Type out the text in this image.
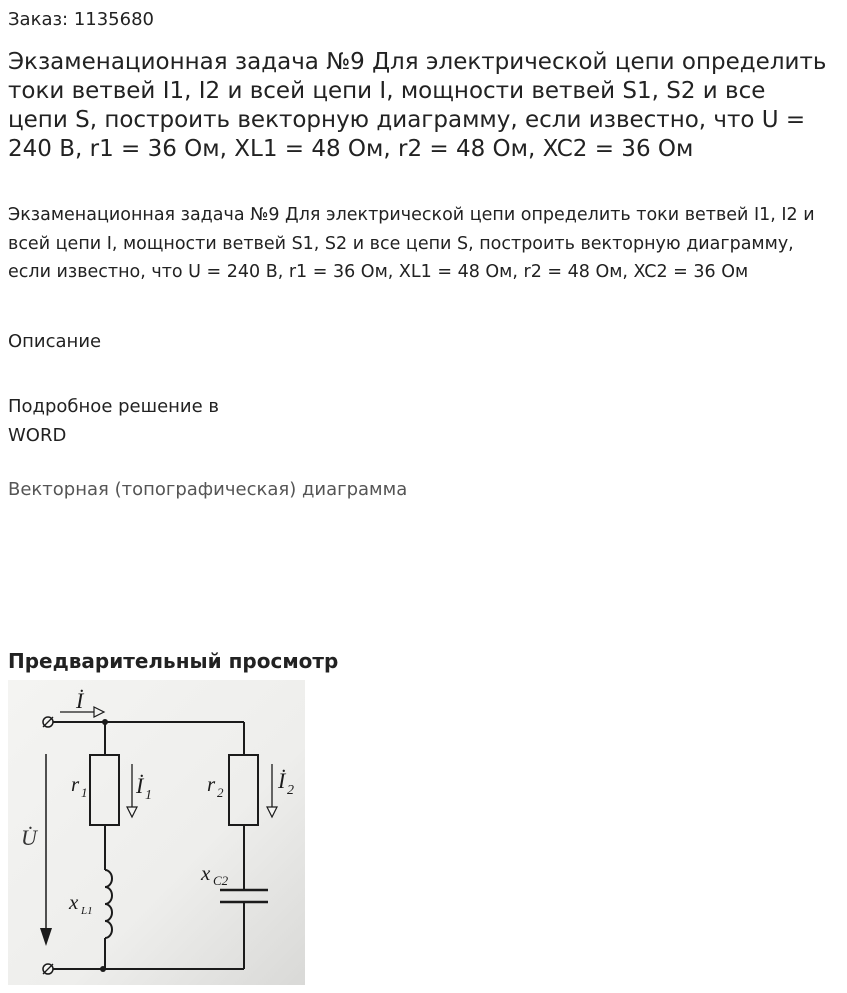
Заказ: 1135680
Экзаменационная задача №9 Для электрической цепи определить токи ветвей I1, I2 и всей цепи I, мощности ветвей S1, S2 и все цепи S, построить векторную диаграмму, если известно, что U = 240 В, r1 = 36 Ом, XL1 = 48 Ом, r2 = 48 Ом, XC2 = 36 Ом
Экзаменационная задача №9 Для электрической цепи определить токи ветвей I1, I2 и всей цепи I, мощности ветвей S1, S2 и все цепи S, построить векторную диаграмму, если известно, что U = 240 В, r1 = 36 Ом, XL1 = 48 Ом, r2 = 48 Ом, XC2 = 36 Ом
Описание
Подробное решение в WORD
Векторная (топографическая) диаграмма
Предварительный просмотр
İ
U̇
r 1 İ 1
x L1
r 2 İ 2
x C2
